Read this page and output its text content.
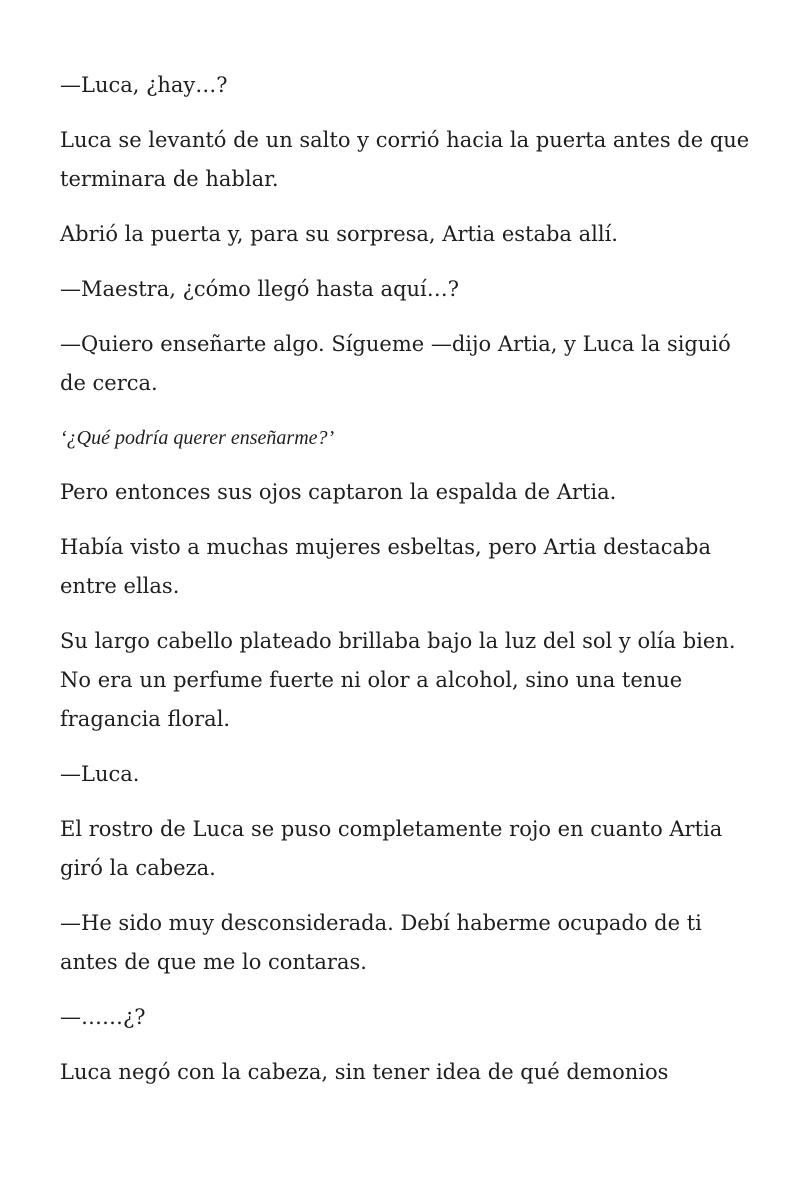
—Luca, ¿hay…?

Luca se levantó de un salto y corrió hacia la puerta antes de que terminara de hablar.

Abrió la puerta y, para su sorpresa, Artia estaba allí.

—Maestra, ¿cómo llegó hasta aquí…?

—Quiero enseñarte algo. Sígueme —dijo Artia, y Luca la siguió de cerca.

‘¿Qué podría querer enseñarme?’

Pero entonces sus ojos captaron la espalda de Artia.

Había visto a muchas mujeres esbeltas, pero Artia destacaba entre ellas.

Su largo cabello plateado brillaba bajo la luz del sol y olía bien. No era un perfume fuerte ni olor a alcohol, sino una tenue fragancia floral.

—Luca.

El rostro de Luca se puso completamente rojo en cuanto Artia giró la cabeza.

—He sido muy desconsiderada. Debí haberme ocupado de ti antes de que me lo contaras.

—……¿?

Luca negó con la cabeza, sin tener idea de qué demonios
